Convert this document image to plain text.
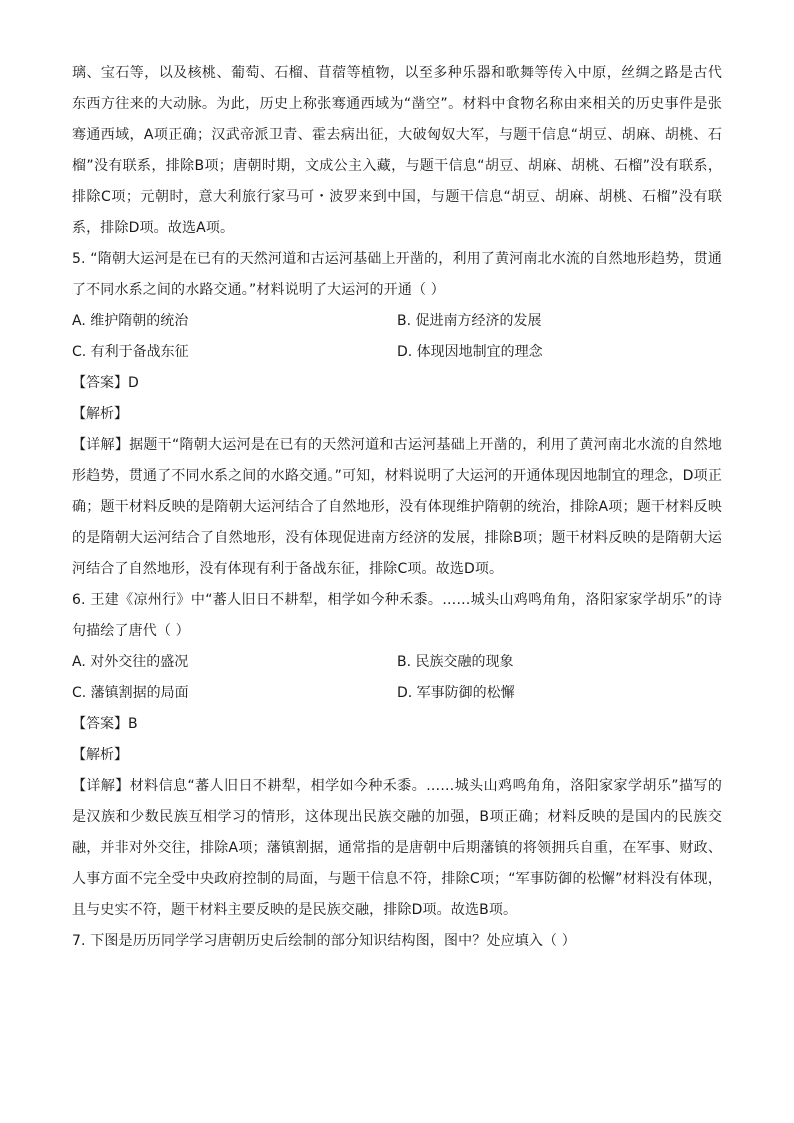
璃、宝石等，以及核桃、葡萄、石榴、苜蓿等植物，以至多种乐器和歌舞等传入中原，丝绸之路是古代东西方往来的大动脉。为此，历史上称张骞通西域为“凿空”。材料中食物名称由来相关的历史事件是张骞通西域，A项正确；汉武帝派卫青、霍去病出征，大破匈奴大军，与题干信息“胡豆、胡麻、胡桃、石榴”没有联系，排除B项；唐朝时期，文成公主入藏，与题干信息“胡豆、胡麻、胡桃、石榴”没有联系，排除C项；元朝时，意大利旅行家马可・波罗来到中国，与题干信息“胡豆、胡麻、胡桃、石榴”没有联系，排除D项。故选A项。

5. “隋朝大运河是在已有的天然河道和古运河基础上开凿的，利用了黄河南北水流的自然地形趋势，贯通了不同水系之间的水路交通。”材料说明了大运河的开通（ ）

A. 维护隋朝的统治	B. 促进南方经济的发展
C. 有利于备战东征	D. 体现因地制宜的理念

【答案】D

【解析】

【详解】据题干“隋朝大运河是在已有的天然河道和古运河基础上开凿的，利用了黄河南北水流的自然地形趋势，贯通了不同水系之间的水路交通。”可知，材料说明了大运河的开通体现因地制宜的理念，D项正确；题干材料反映的是隋朝大运河结合了自然地形，没有体现维护隋朝的统治，排除A项；题干材料反映的是隋朝大运河结合了自然地形，没有体现促进南方经济的发展，排除B项；题干材料反映的是隋朝大运河结合了自然地形，没有体现有利于备战东征，排除C项。故选D项。

6. 王建《凉州行》中“蕃人旧日不耕犁，相学如今种禾黍。……城头山鸡鸣角角，洛阳家家学胡乐”的诗句描绘了唐代（ ）

A. 对外交往的盛况	B. 民族交融的现象
C. 藩镇割据的局面	D. 军事防御的松懈

【答案】B

【解析】

【详解】材料信息“蕃人旧日不耕犁，相学如今种禾黍。……城头山鸡鸣角角，洛阳家家学胡乐”描写的是汉族和少数民族互相学习的情形，这体现出民族交融的加强，B项正确；材料反映的是国内的民族交融，并非对外交往，排除A项；藩镇割据，通常指的是唐朝中后期藩镇的将领拥兵自重，在军事、财政、人事方面不完全受中央政府控制的局面，与题干信息不符，排除C项；“军事防御的松懈”材料没有体现，且与史实不符，题干材料主要反映的是民族交融，排除D项。故选B项。

7. 下图是历历同学学习唐朝历史后绘制的部分知识结构图，图中？处应填入（ ）
